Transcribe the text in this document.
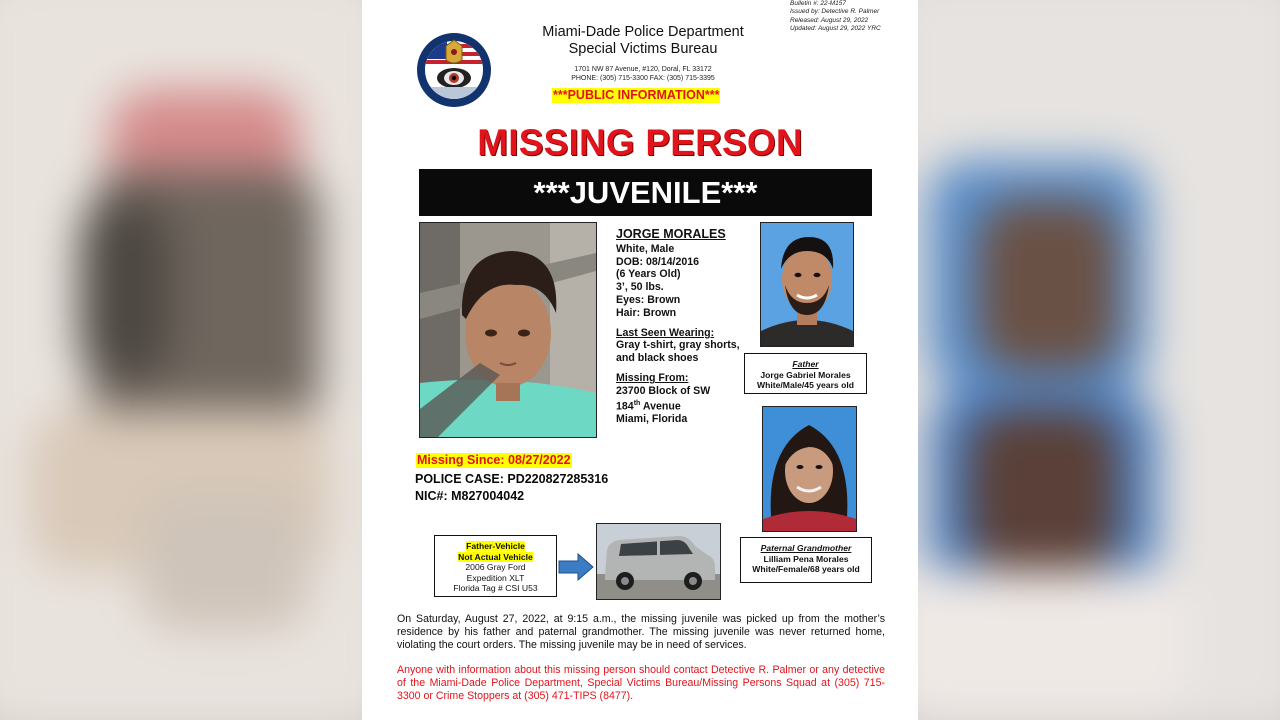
Bulletin #: 22-M157
Issued by: Detective R. Palmer
Released: August 29, 2022
Updated: August 29, 2022 YRC
Miami-Dade Police Department
Special Victims Bureau
1701 NW 87 Avenue, #120, Doral, FL 33172
PHONE: (305) 715-3300 FAX: (305) 715-3395
***PUBLIC INFORMATION***
MISSING PERSON
***JUVENILE***
JORGE MORALES
White, Male
DOB: 08/14/2016
(6 Years Old)
3’, 50 lbs.
Eyes: Brown
Hair: Brown
Last Seen Wearing:
Gray t-shirt, gray shorts, and black shoes
Missing From:
23700 Block of SW
184th Avenue
Miami, Florida
Missing Since: 08/27/2022
POLICE CASE: PD220827285316
NIC#: M827004042
Father
Jorge Gabriel Morales
White/Male/45 years old
Paternal Grandmother
Lilliam Pena Morales
White/Female/68 years old
Father-Vehicle
Not Actual Vehicle
2006 Gray Ford
Expedition XLT
Florida Tag # CSI U53
On Saturday, August 27, 2022, at 9:15 a.m., the missing juvenile was picked up from the mother’s residence by his father and paternal grandmother. The missing juvenile was never returned home, violating the court orders. The missing juvenile may be in need of services.
Anyone with information about this missing person should contact Detective R. Palmer or any detective of the Miami-Dade Police Department, Special Victims Bureau/Missing Persons Squad at (305) 715-3300 or Crime Stoppers at (305) 471-TIPS (8477).
